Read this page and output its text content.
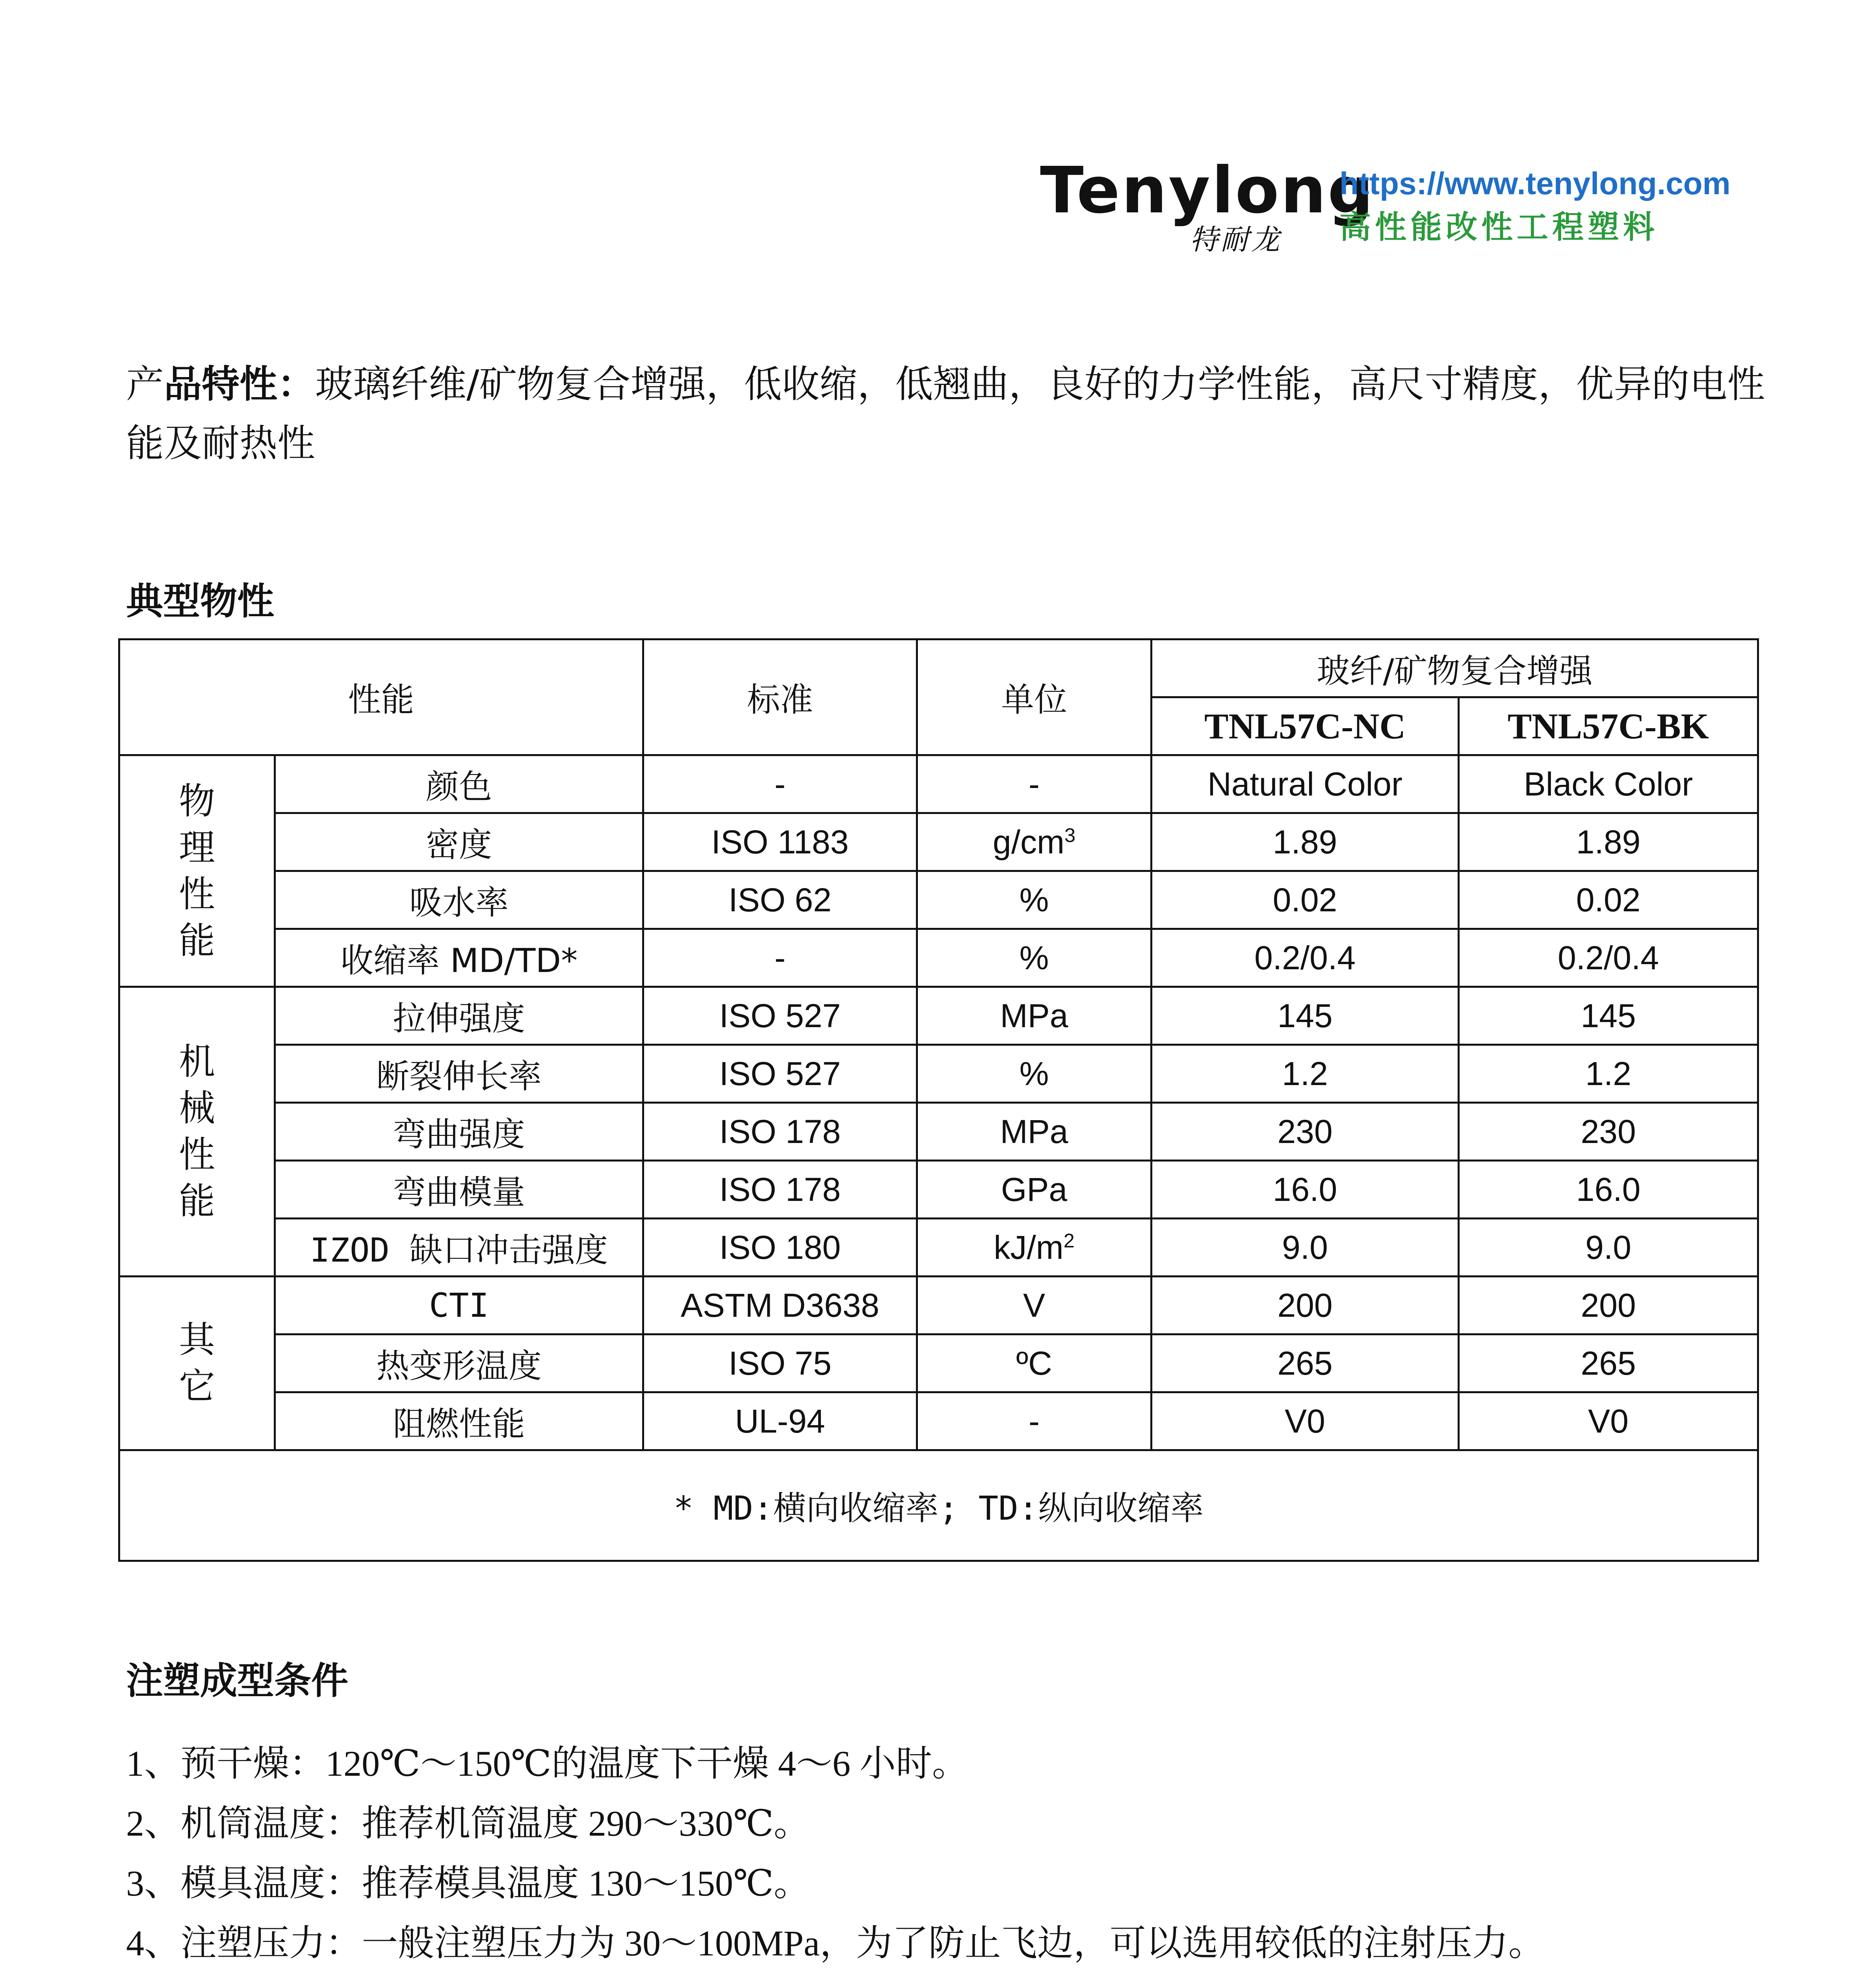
Tenylong
特耐龙
https://www.tenylong.com
高性能改性工程塑料
产品特性：玻璃纤维/矿物复合增强，低收缩，低翘曲，良好的力学性能，高尺寸精度，优异的电性能及耐热性
典型物性
性能		标准	单位	玻纤/矿物复合增强	
				TNL57C-NC	TNL57C-BK
物
理
性
能	颜色	-	-	Natural Color	Black Color
	密度	ISO 1183	$g/cm^3$	1.89	1.89
	吸水率	ISO 62	%	0.02	0.02
	收缩率 MD/TD*	-	%	0.2/0.4	0.2/0.4
机
械
性
能	拉伸强度	ISO 527	MPa	145	145
	断裂伸长率	ISO 527	%	1.2	1.2
	弯曲强度	ISO 178	MPa	230	230
	弯曲模量	ISO 178	GPa	16.0	16.0
	IZOD 缺口冲击强度	ISO 180	$kJ/m^2$	9.0	9.0
其
它	CTI	ASTM D3638	V	200	200
	热变形温度	ISO 75	ºC	265	265
	阻燃性能	UL-94	-	V0	V0
* MD:横向收缩率; TD:纵向收缩率					
注塑成型条件

1、预干燥：120℃～150℃的温度下干燥 4～6 小时。

2、机筒温度：推荐机筒温度 290～330℃。

3、模具温度：推荐模具温度 130～150℃。

4、注塑压力：一般注塑压力为 30～100MPa，为了防止飞边，可以选用较低的注射压力。
